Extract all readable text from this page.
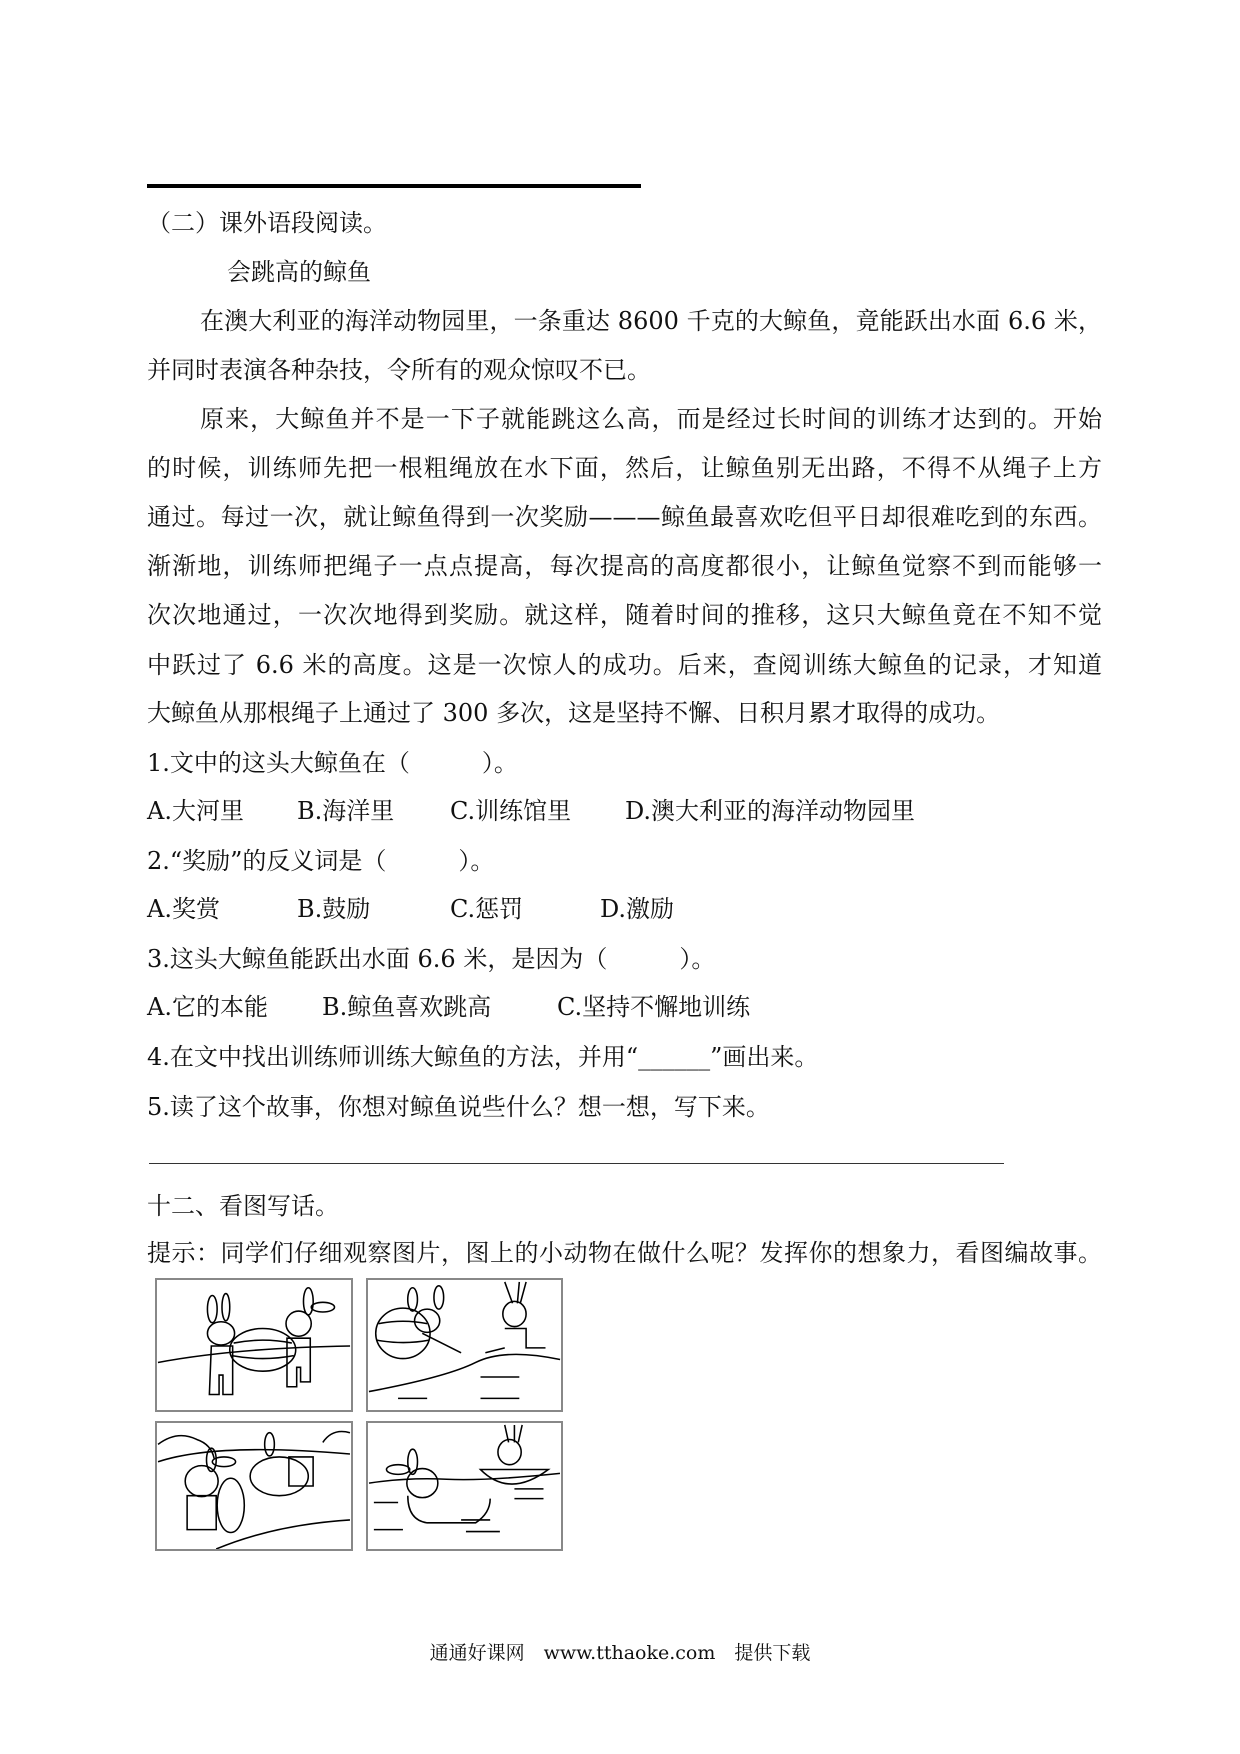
（二）课外语段阅读。
会跳高的鲸鱼
在澳大利亚的海洋动物园里，一条重达 8600 千克的大鲸鱼，竟能跃出水面 6.6 米，
并同时表演各种杂技，令所有的观众惊叹不已。
原来，大鲸鱼并不是一下子就能跳这么高，而是经过长时间的训练才达到的。开始
的时候，训练师先把一根粗绳放在水下面，然后，让鲸鱼别无出路，不得不从绳子上方
通过。每过一次，就让鲸鱼得到一次奖励———鲸鱼最喜欢吃但平日却很难吃到的东西。
渐渐地，训练师把绳子一点点提高，每次提高的高度都很小，让鲸鱼觉察不到而能够一
次次地通过，一次次地得到奖励。就这样，随着时间的推移，这只大鲸鱼竟在不知不觉
中跃过了 6.6 米的高度。这是一次惊人的成功。后来，查阅训练大鲸鱼的记录，才知道
大鲸鱼从那根绳子上通过了 300 多次，这是坚持不懈、日积月累才取得的成功。
1.文中的这头大鲸鱼在（　　　）。
A.大河里 B.海洋里 C.训练馆里 D.澳大利亚的海洋动物园里
2.“奖励”的反义词是（　　　）。
A.奖赏	B.鼓励	C.惩罚	D.激励
3.这头大鲸鱼能跃出水面 6.6 米，是因为（　　　）。
A.它的本能 B.鲸鱼喜欢跳高	C.坚持不懈地训练
4.在文中找出训练师训练大鲸鱼的方法，并用“______”画出来。
5.读了这个故事，你想对鲸鱼说些什么？想一想，写下来。
十二、看图写话。
提示：同学们仔细观察图片，图上的小动物在做什么呢？发挥你的想象力，看图编故事。
通通好课网　www.tthaoke.com　提供下载
